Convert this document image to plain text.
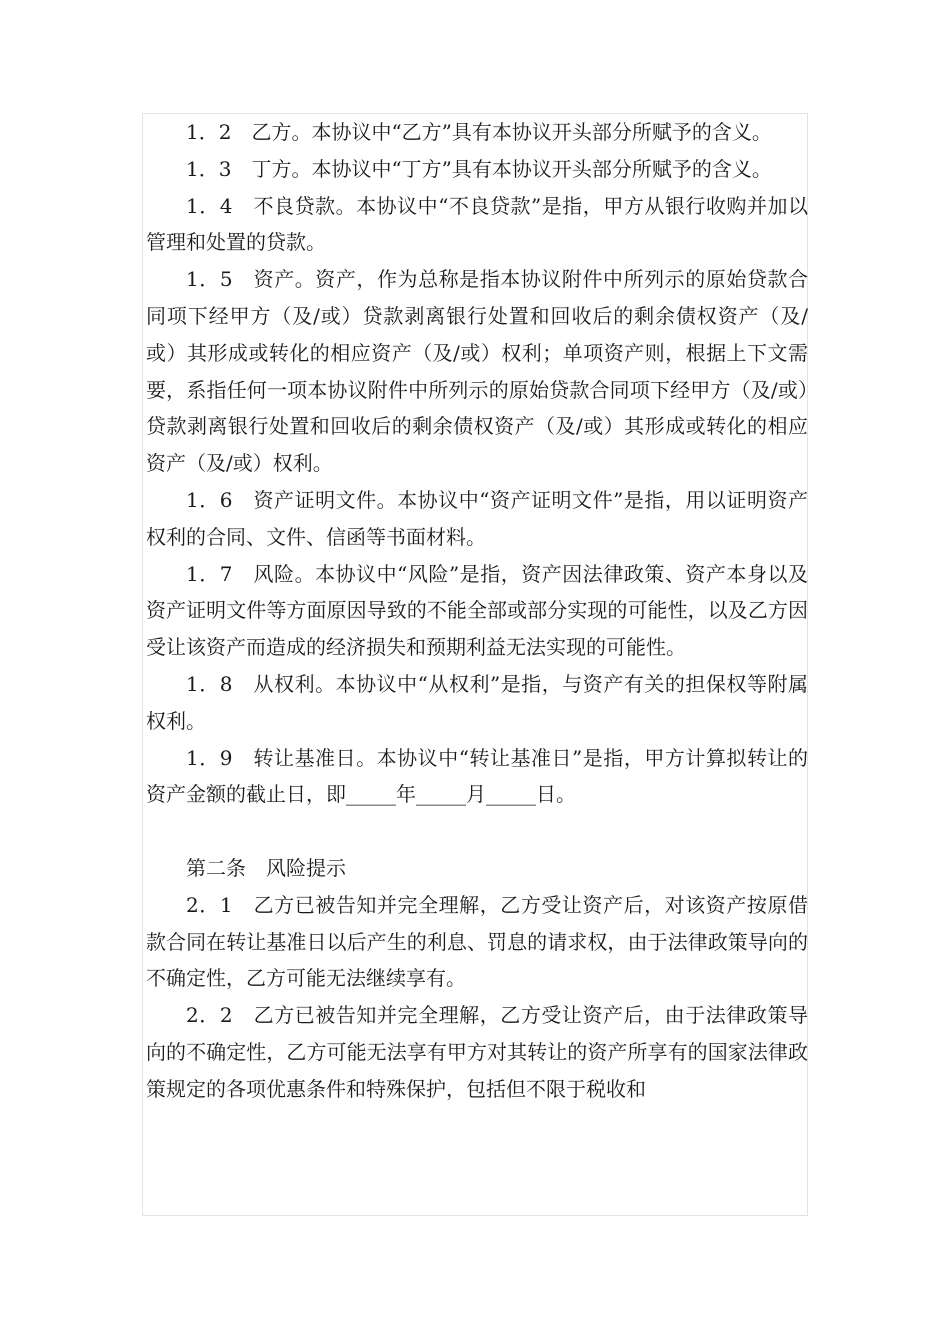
1．2　乙方。本协议中“乙方”具有本协议开头部分所赋予的含义。

1．3　丁方。本协议中“丁方”具有本协议开头部分所赋予的含义。

1．4　不良贷款。本协议中“不良贷款”是指，甲方从银行收购并加以管理和处置的贷款。

1．5　资产。资产，作为总称是指本协议附件中所列示的原始贷款合同项下经甲方（及/或）贷款剥离银行处置和回收后的剩余债权资产（及/或）其形成或转化的相应资产（及/或）权利；单项资产则，根据上下文需要，系指任何一项本协议附件中所列示的原始贷款合同项下经甲方（及/或）贷款剥离银行处置和回收后的剩余债权资产（及/或）其形成或转化的相应资产（及/或）权利。

1．6　资产证明文件。本协议中“资产证明文件”是指，用以证明资产权利的合同、文件、信函等书面材料。

1．7　风险。本协议中“风险”是指，资产因法律政策、资产本身以及资产证明文件等方面原因导致的不能全部或部分实现的可能性，以及乙方因受让该资产而造成的经济损失和预期利益无法实现的可能性。

1．8　从权利。本协议中“从权利”是指，与资产有关的担保权等附属权利。

1．9　转让基准日。本协议中“转让基准日”是指，甲方计算拟转让的资产金额的截止日，即_____年_____月_____日。

第二条　风险提示

2．1　乙方已被告知并完全理解，乙方受让资产后，对该资产按原借款合同在转让基准日以后产生的利息、罚息的请求权，由于法律政策导向的不确定性，乙方可能无法继续享有。

2．2　乙方已被告知并完全理解，乙方受让资产后，由于法律政策导向的不确定性，乙方可能无法享有甲方对其转让的资产所享有的国家法律政策规定的各项优惠条件和特殊保护，包括但不限于税收和
